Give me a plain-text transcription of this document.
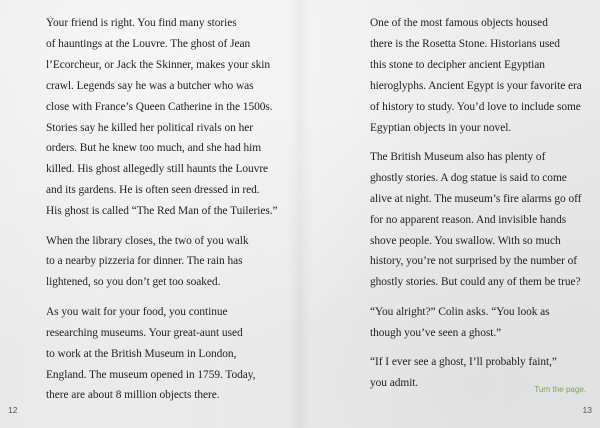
Your friend is right. You find many stories
of hauntings at the Louvre. The ghost of Jean
l’Ecorcheur, or Jack the Skinner, makes your skin
crawl. Legends say he was a butcher who was
close with France’s Queen Catherine in the 1500s.
Stories say he killed her political rivals on her
orders. But he knew too much, and she had him
killed. His ghost allegedly still haunts the Louvre
and its gardens. He is often seen dressed in red.
His ghost is called “The Red Man of the Tuileries.”

When the library closes, the two of you walk
to a nearby pizzeria for dinner. The rain has
lightened, so you don’t get too soaked.

As you wait for your food, you continue
researching museums. Your great-aunt used
to work at the British Museum in London,
England. The museum opened in 1759. Today,
there are about 8 million objects there.

12

One of the most famous objects housed
there is the Rosetta Stone. Historians used
this stone to decipher ancient Egyptian
hieroglyphs. Ancient Egypt is your favorite era
of history to study. You’d love to include some
Egyptian objects in your novel.

The British Museum also has plenty of
ghostly stories. A dog statue is said to come
alive at night. The museum’s fire alarms go off
for no apparent reason. And invisible hands
shove people. You swallow. With so much
history, you’re not surprised by the number of
ghostly stories. But could any of them be true?

“You alright?” Colin asks. “You look as
though you’ve seen a ghost.”

“If I ever see a ghost, I’ll probably faint,”
you admit.

Turn the page.
13
